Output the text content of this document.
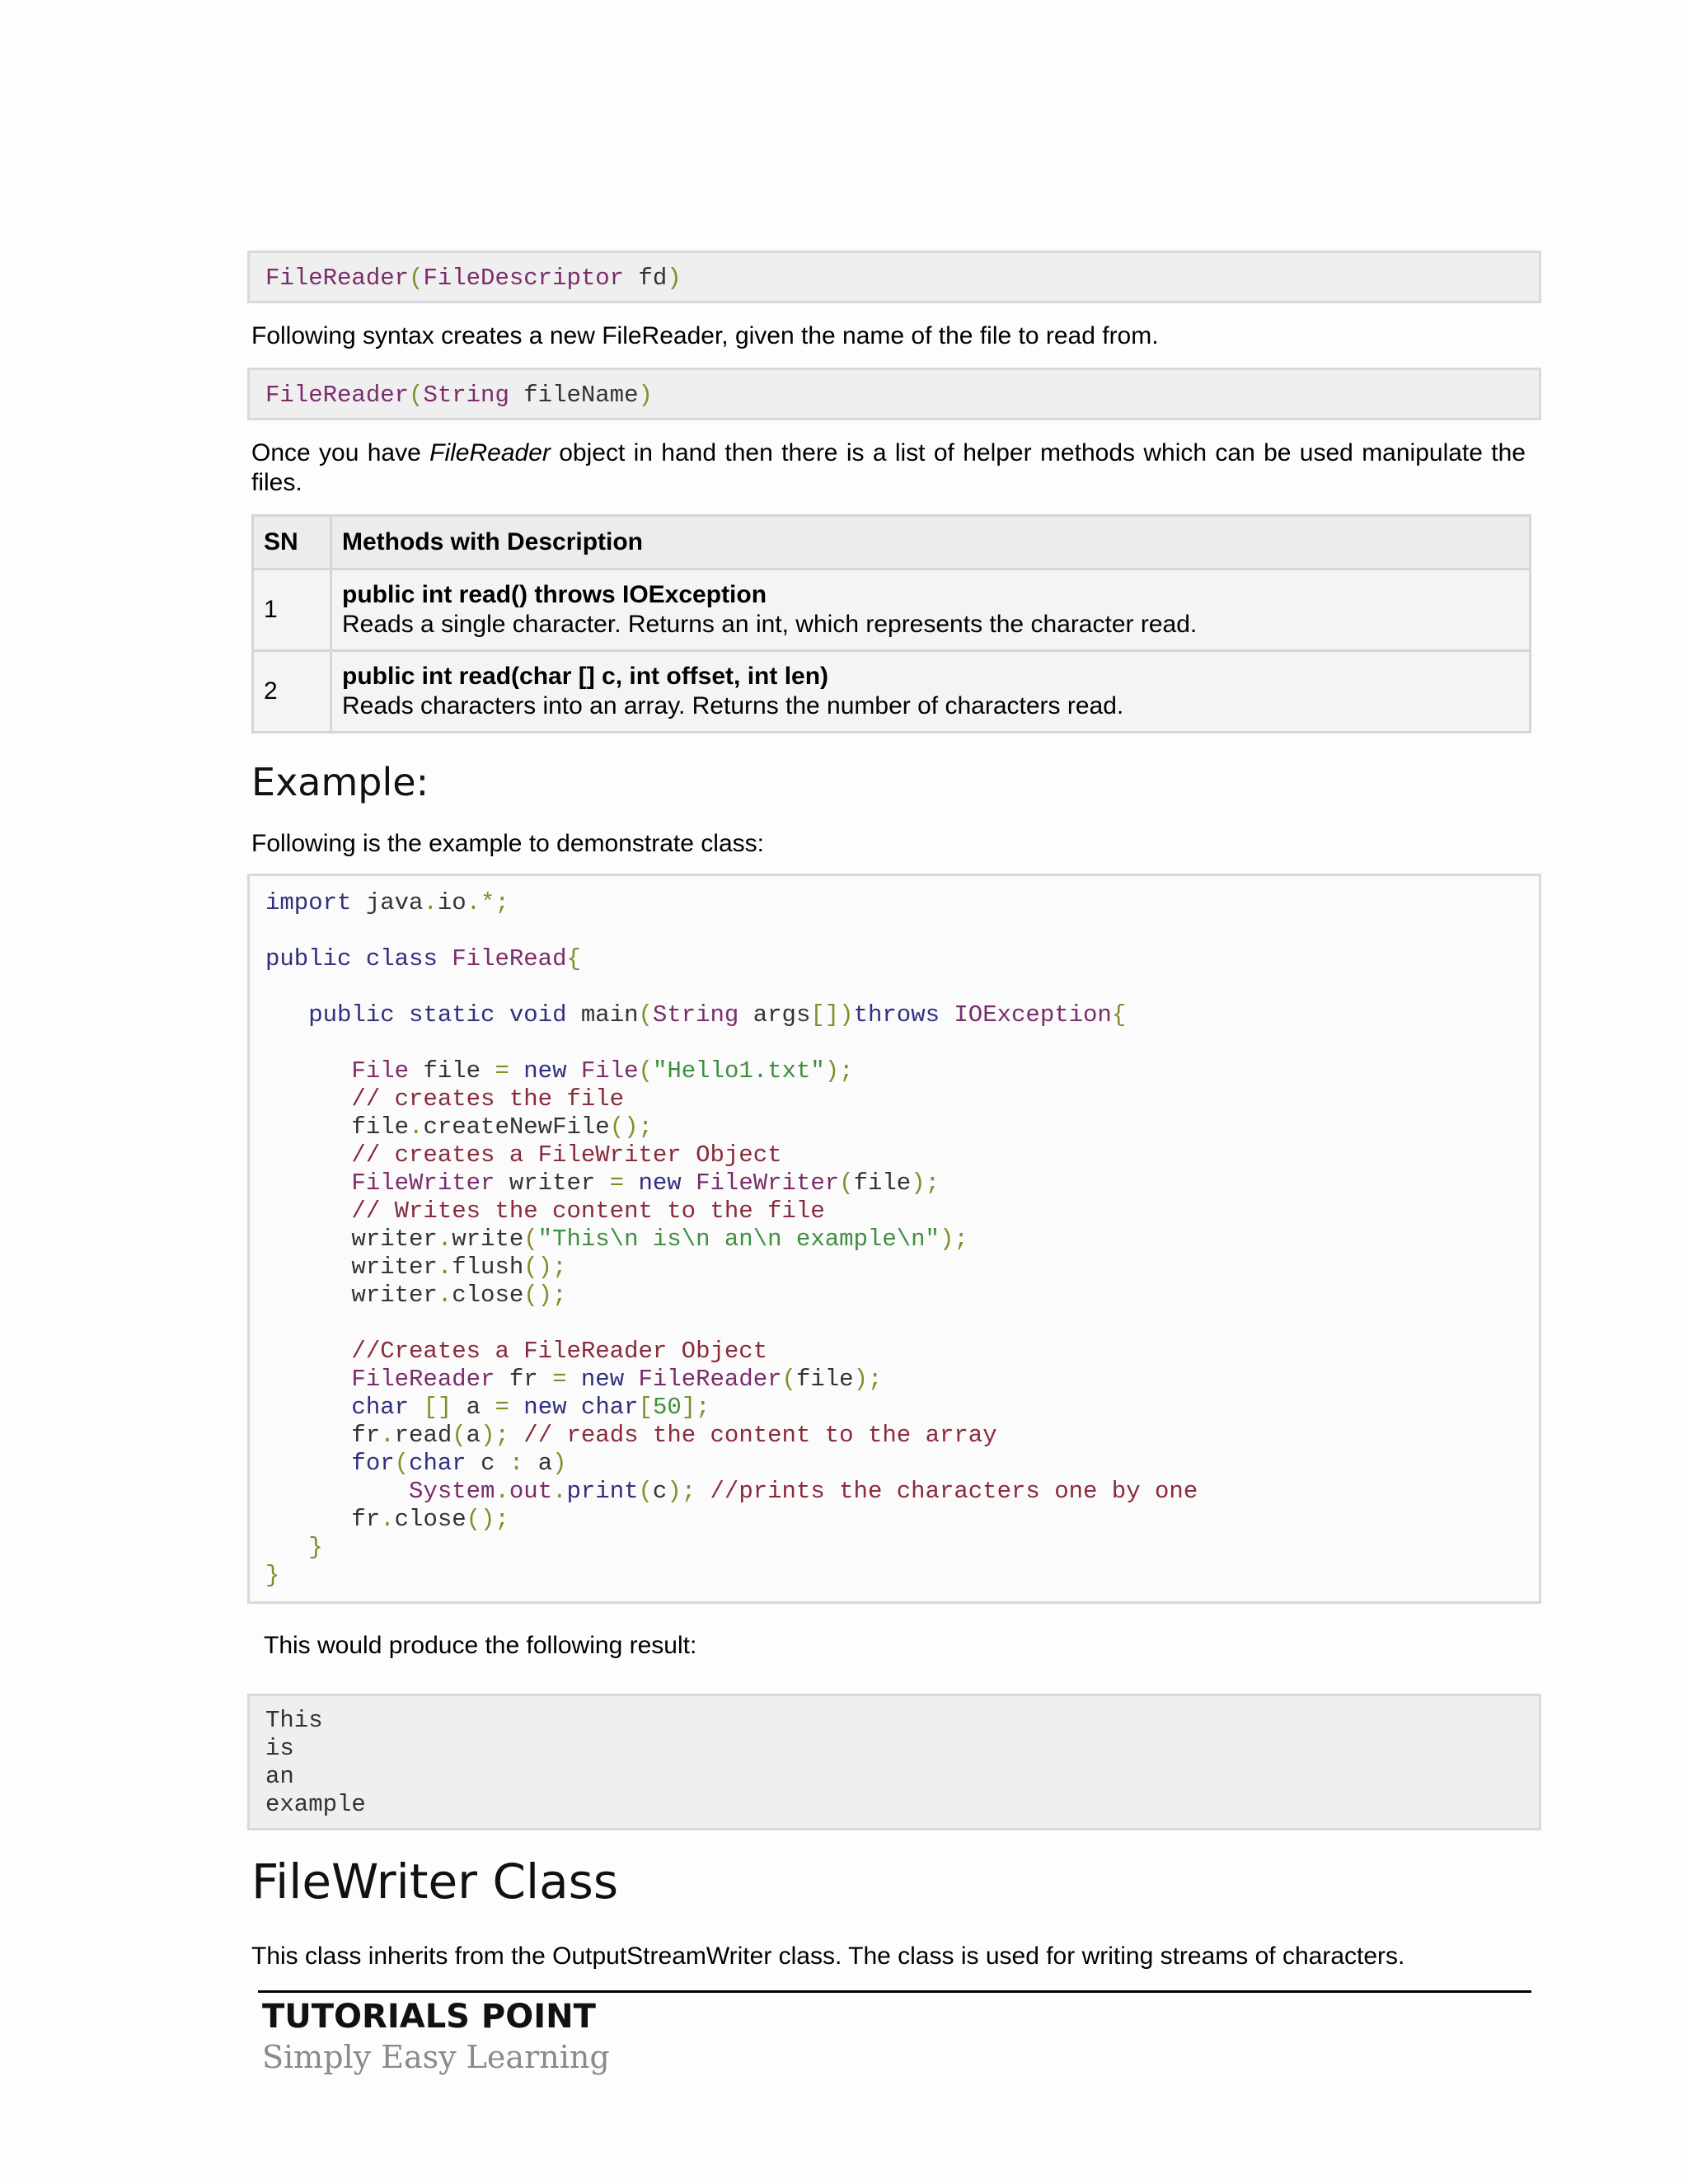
FileReader(FileDescriptor fd)
Following syntax creates a new FileReader, given the name of the file to read from.
FileReader(String fileName)
Once you have FileReader object in hand then there is a list of helper methods which can be used manipulate the files.
SN	Methods with Description
1	public int read() throws IOException
Reads a single character. Returns an int, which represents the character read.
2	public int read(char [] c, int offset, int len)
Reads characters into an array. Returns the number of characters read.
Example:
Following is the example to demonstrate class:
import java.io.*;

public class FileRead{

public static void main(String args[])throws IOException{

File file = new File("Hello1.txt");
// creates the file
file.createNewFile();
// creates a FileWriter Object
FileWriter writer = new FileWriter(file);
// Writes the content to the file
writer.write("This\n is\n an\n example\n");
writer.flush();
writer.close();

//Creates a FileReader Object
FileReader fr = new FileReader(file);
char [] a = new char[50];
fr.read(a); // reads the content to the array
for(char c : a)
System.out.print(c); //prints the characters one by one
fr.close();
}
}
This would produce the following result:
This
is
an
example
FileWriter Class
This class inherits from the OutputStreamWriter class. The class is used for writing streams of characters.
TUTORIALS POINT
Simply Easy Learning
